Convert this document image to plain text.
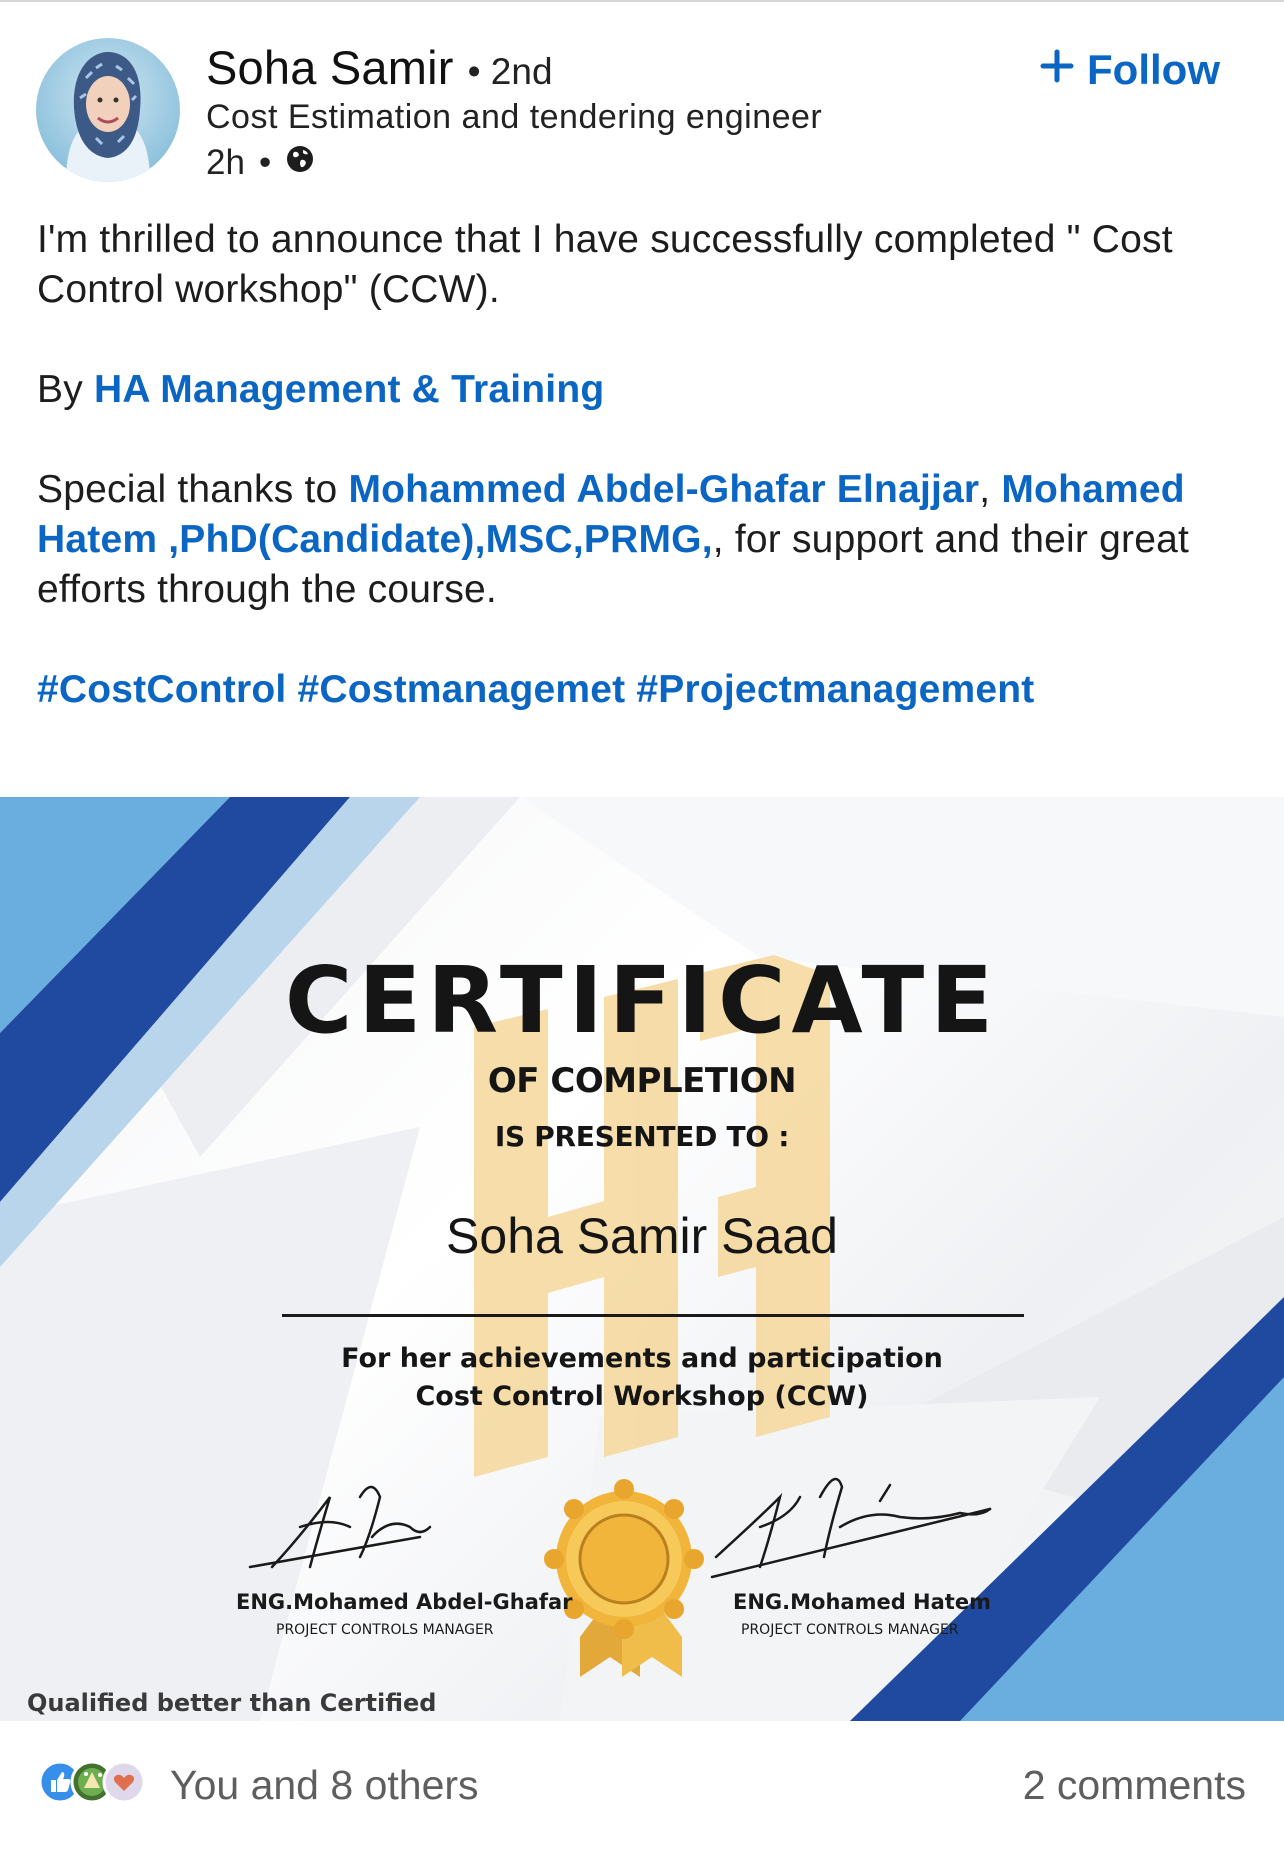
Soha Samir • 2nd
Cost Estimation and tendering engineer
2h •
Follow

I'm thrilled to announce that I have successfully completed " Cost Control workshop" (CCW).

By HA Management & Training

Special thanks to Mohammed Abdel-Ghafar Elnajjar, Mohamed Hatem ,PhD(Candidate),MSC,PRMG,, for support and their great efforts through the course.

#CostControl #Costmanagemet #Projectmanagement

CERTIFICATE
OF COMPLETION
IS PRESENTED TO :
Soha Samir Saad
For her achievements and participation
Cost Control Workshop (CCW)
ENG.Mohamed Abdel-Ghafar
PROJECT CONTROLS MANAGER
ENG.Mohamed Hatem
PROJECT CONTROLS MANAGER
Qualified better than Certified
You and 8 others	2 comments
